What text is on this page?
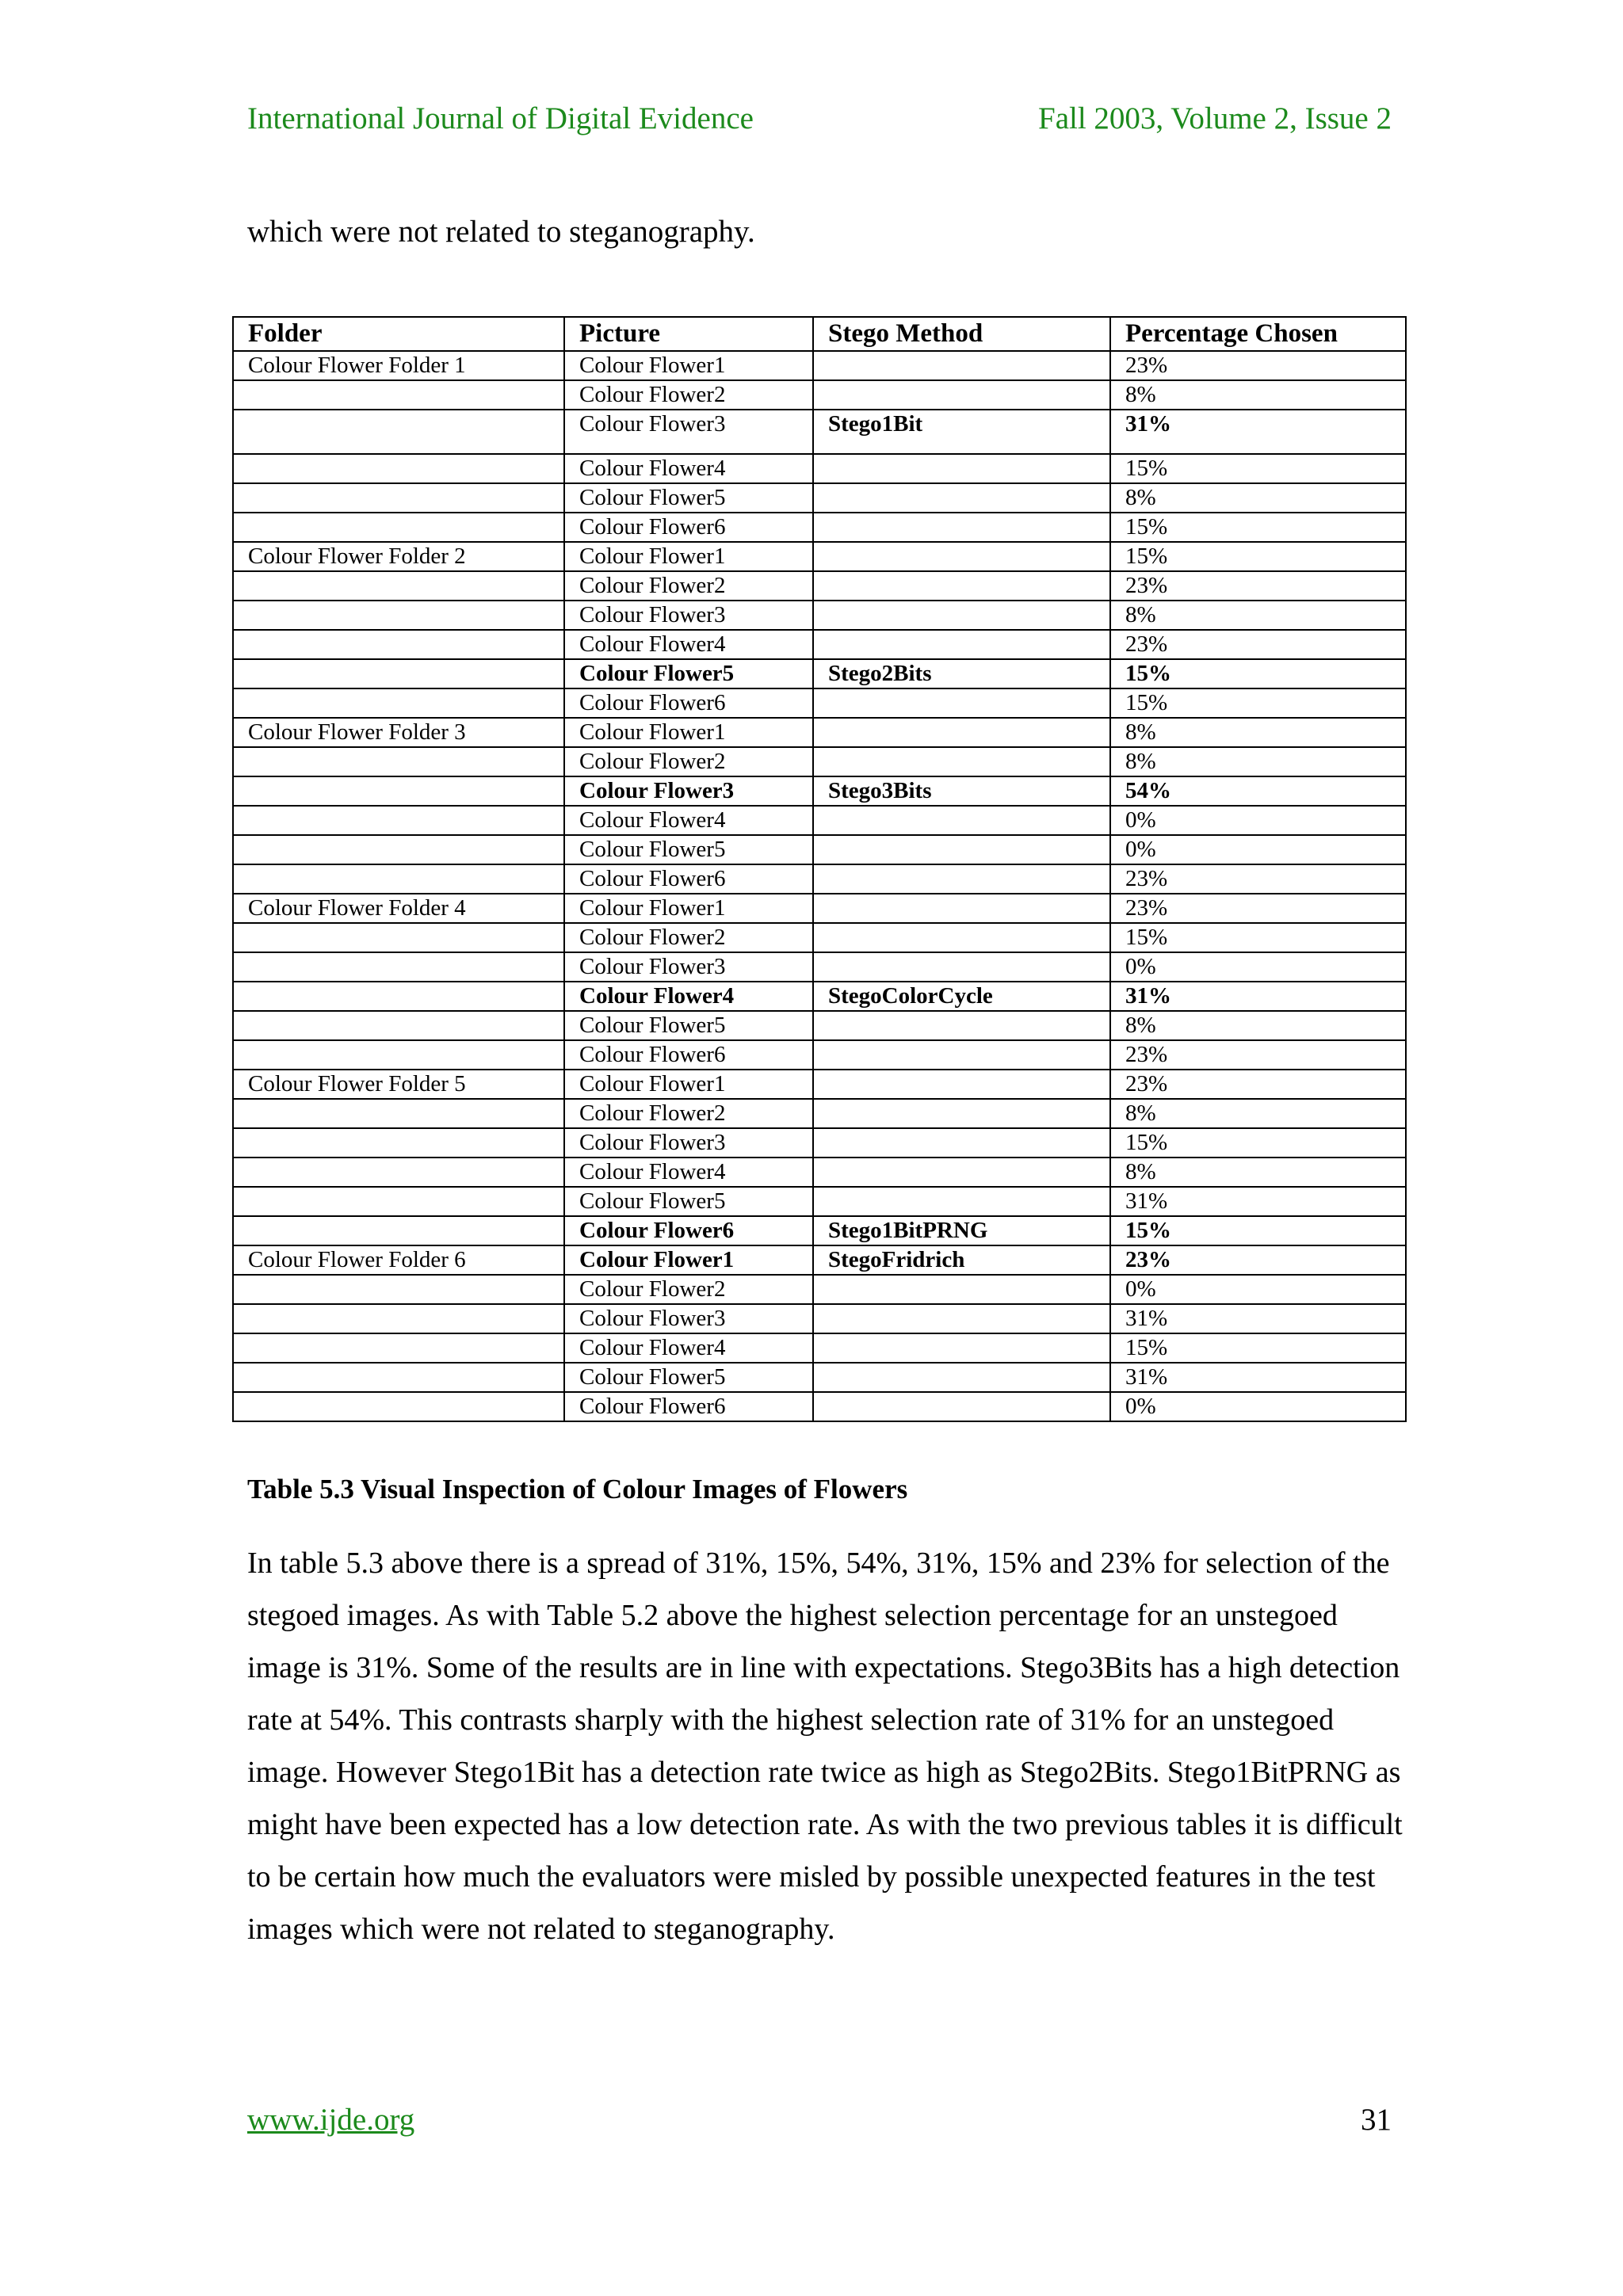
International Journal of Digital Evidence	Fall 2003, Volume 2, Issue 2
which were not related to steganography.
Folder	Picture	Stego Method	Percentage Chosen
Colour Flower Folder 1	Colour Flower1		23%
	Colour Flower2		8%
	Colour Flower3	Stego1Bit	31%
	Colour Flower4		15%
	Colour Flower5		8%
	Colour Flower6		15%
Colour Flower Folder 2	Colour Flower1		15%
	Colour Flower2		23%
	Colour Flower3		8%
	Colour Flower4		23%
	Colour Flower5	Stego2Bits	15%
	Colour Flower6		15%
Colour Flower Folder 3	Colour Flower1		8%
	Colour Flower2		8%
	Colour Flower3	Stego3Bits	54%
	Colour Flower4		0%
	Colour Flower5		0%
	Colour Flower6		23%
Colour Flower Folder 4	Colour Flower1		23%
	Colour Flower2		15%
	Colour Flower3		0%
	Colour Flower4	StegoColorCycle	31%
	Colour Flower5		8%
	Colour Flower6		23%
Colour Flower Folder 5	Colour Flower1		23%
	Colour Flower2		8%
	Colour Flower3		15%
	Colour Flower4		8%
	Colour Flower5		31%
	Colour Flower6	Stego1BitPRNG	15%
Colour Flower Folder 6	Colour Flower1	StegoFridrich	23%
	Colour Flower2		0%
	Colour Flower3		31%
	Colour Flower4		15%
	Colour Flower5		31%
	Colour Flower6		0%
Table 5.3 Visual Inspection of Colour Images of Flowers
In table 5.3 above there is a spread of 31%, 15%, 54%, 31%, 15% and 23% for selection of the stegoed images. As with Table 5.2 above the highest selection percentage for an unstegoed image is 31%. Some of the results are in line with expectations. Stego3Bits has a high detection rate at 54%. This contrasts sharply with the highest selection rate of 31% for an unstegoed image. However Stego1Bit has a detection rate twice as high as Stego2Bits. Stego1BitPRNG as might have been expected has a low detection rate. As with the two previous tables it is difficult to be certain how much the evaluators were misled by possible unexpected features in the test images which were not related to steganography.
www.ijde.org	31
